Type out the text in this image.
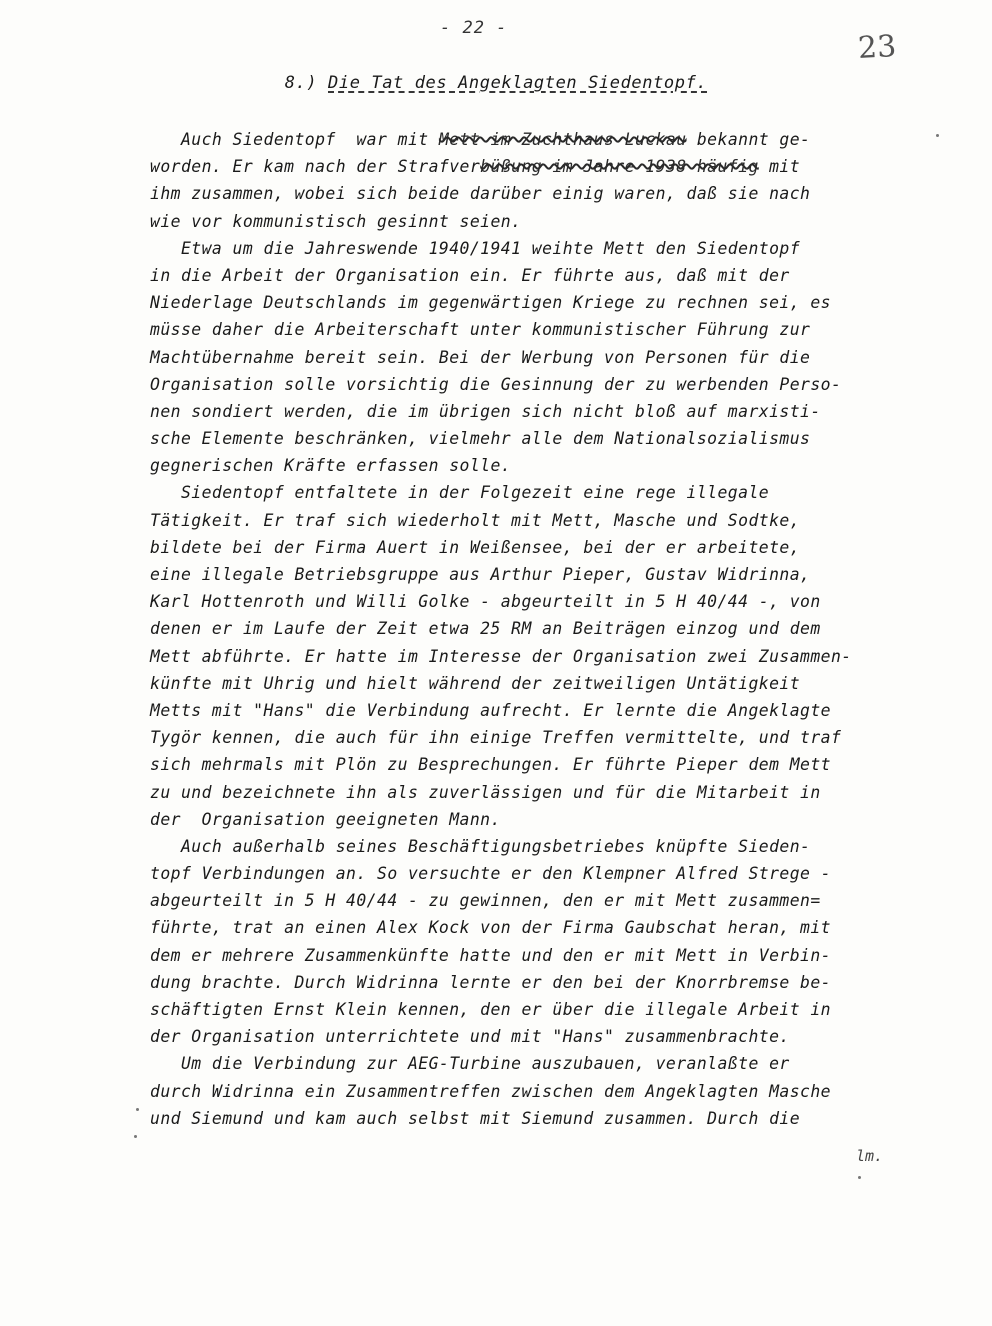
- 22 -
23
8.) Die Tat des Angeklagten Siedentopf.
Auch Siedentopf  war mit Mett im Zuchthaus Luckau bekannt ge-
worden. Er kam nach der Strafverbüßung im Jahre 1938 häufig mit
ihm zusammen, wobei sich beide darüber einig waren, daß sie nach
wie vor kommunistisch gesinnt seien.
Etwa um die Jahreswende 1940/1941 weihte Mett den Siedentopf
in die Arbeit der Organisation ein. Er führte aus, daß mit der
Niederlage Deutschlands im gegenwärtigen Kriege zu rechnen sei, es
müsse daher die Arbeiterschaft unter kommunistischer Führung zur
Machtübernahme bereit sein. Bei der Werbung von Personen für die
Organisation solle vorsichtig die Gesinnung der zu werbenden Perso-
nen sondiert werden, die im übrigen sich nicht bloß auf marxisti-
sche Elemente beschränken, vielmehr alle dem Nationalsozialismus
gegnerischen Kräfte erfassen solle.
Siedentopf entfaltete in der Folgezeit eine rege illegale
Tätigkeit. Er traf sich wiederholt mit Mett, Masche und Sodtke,
bildete bei der Firma Auert in Weißensee, bei der er arbeitete,
eine illegale Betriebsgruppe aus Arthur Pieper, Gustav Widrinna,
Karl Hottenroth und Willi Golke - abgeurteilt in 5 H 40/44 -, von
denen er im Laufe der Zeit etwa 25 RM an Beiträgen einzog und dem
Mett abführte. Er hatte im Interesse der Organisation zwei Zusammen-
künfte mit Uhrig und hielt während der zeitweiligen Untätigkeit
Metts mit "Hans" die Verbindung aufrecht. Er lernte die Angeklagte
Tygör kennen, die auch für ihn einige Treffen vermittelte, und traf
sich mehrmals mit Plön zu Besprechungen. Er führte Pieper dem Mett
zu und bezeichnete ihn als zuverlässigen und für die Mitarbeit in
der  Organisation geeigneten Mann.
Auch außerhalb seines Beschäftigungsbetriebes knüpfte Sieden-
topf Verbindungen an. So versuchte er den Klempner Alfred Strege -
abgeurteilt in 5 H 40/44 - zu gewinnen, den er mit Mett zusammen=
führte, trat an einen Alex Kock von der Firma Gaubschat heran, mit
dem er mehrere Zusammenkünfte hatte und den er mit Mett in Verbin-
dung brachte. Durch Widrinna lernte er den bei der Knorrbremse be-
schäftigten Ernst Klein kennen, den er über die illegale Arbeit in
der Organisation unterrichtete und mit "Hans" zusammenbrachte.
Um die Verbindung zur AEG-Turbine auszubauen, veranlaßte er
durch Widrinna ein Zusammentreffen zwischen dem Angeklagten Masche
und Siemund und kam auch selbst mit Siemund zusammen. Durch die
lm.
